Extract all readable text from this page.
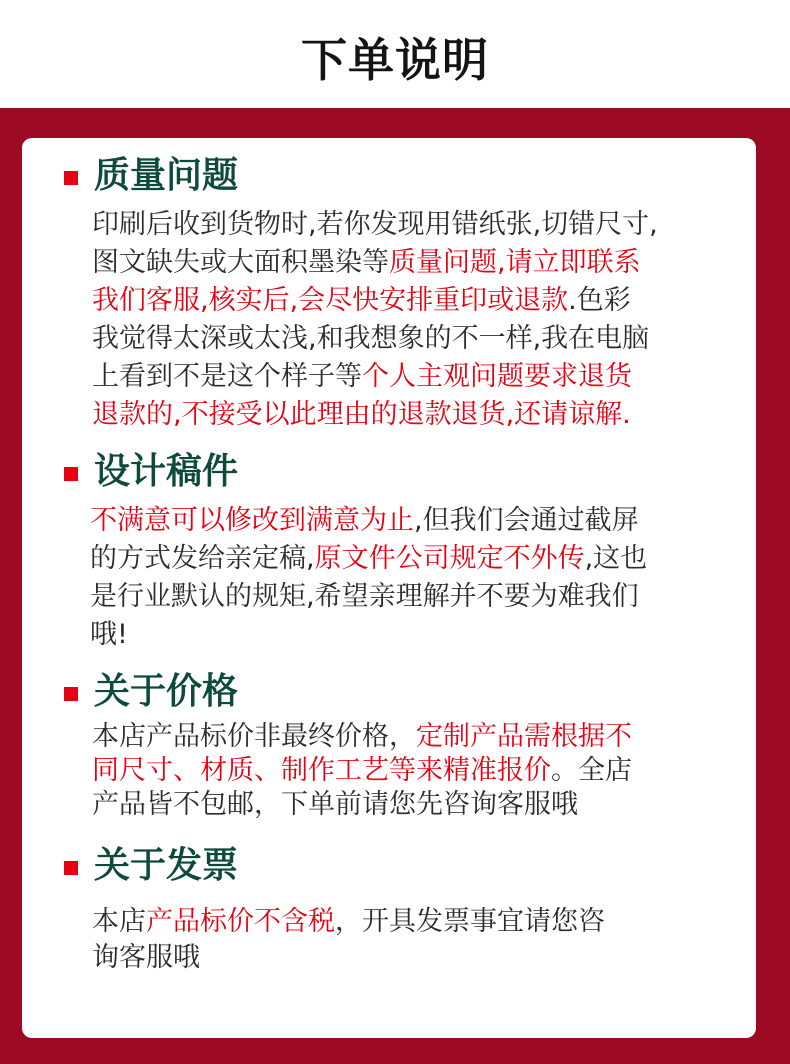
下单说明
质量问题

印刷后收到货物时,若你发现用错纸张,切错尺寸,
图文缺失或大面积墨染等质量问题,请立即联系
我们客服,核实后,会尽快安排重印或退款.色彩
我觉得太深或太浅,和我想象的不一样,我在电脑
上看到不是这个样子等个人主观问题要求退货
退款的,不接受以此理由的退款退货,还请谅解.

设计稿件

不满意可以修改到满意为止,但我们会通过截屏
的方式发给亲定稿,原文件公司规定不外传,这也
是行业默认的规矩,希望亲理解并不要为难我们
哦!

关于价格

本店产品标价非最终价格，定制产品需根据不
同尺寸、材质、制作工艺等来精准报价。全店
产品皆不包邮，下单前请您先咨询客服哦

关于发票

本店产品标价不含税，开具发票事宜请您咨
询客服哦
